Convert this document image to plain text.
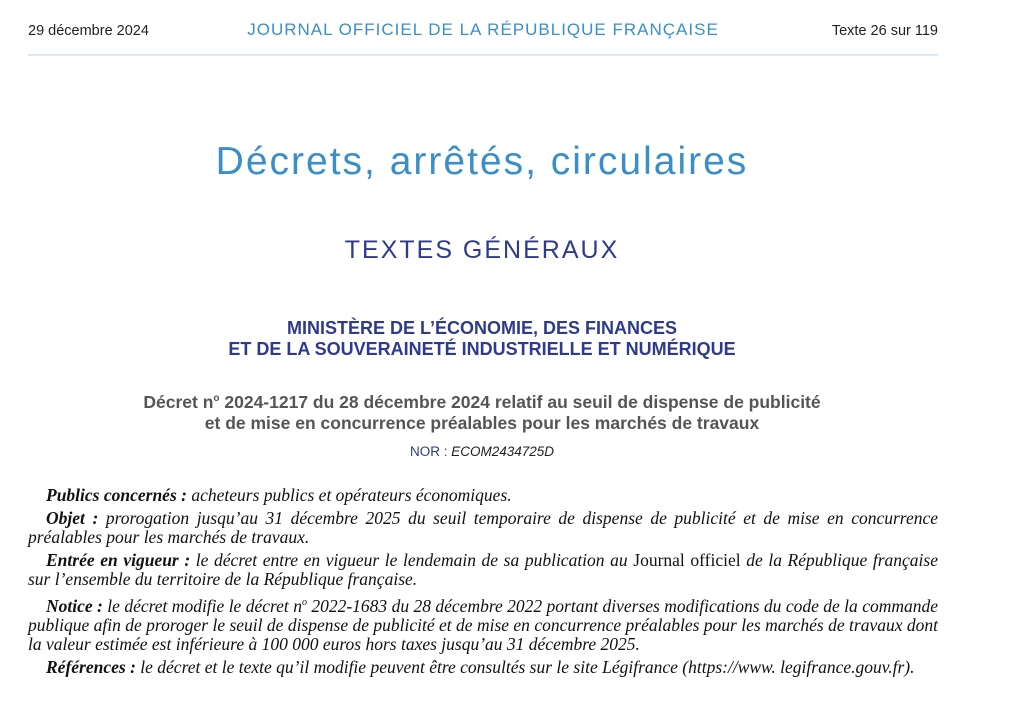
29 décembre 2024	JOURNAL OFFICIEL DE LA RÉPUBLIQUE FRANÇAISE	Texte 26 sur 119
Décrets, arrêtés, circulaires
TEXTES GÉNÉRAUX
MINISTÈRE DE L’ÉCONOMIE, DES FINANCES
ET DE LA SOUVERAINETÉ INDUSTRIELLE ET NUMÉRIQUE
Décret $n^o$ 2024-1217 du 28 décembre 2024 relatif au seuil de dispense de publicité
et de mise en concurrence préalables pour les marchés de travaux
NOR : ECOM2434725D

Publics concernés : acheteurs publics et opérateurs économiques.

Objet : prorogation jusqu’au 31 décembre 2025 du seuil temporaire de dispense de publicité et de mise en concurrence préalables pour les marchés de travaux.

Entrée en vigueur : le décret entre en vigueur le lendemain de sa publication au Journal officiel de la République française sur l’ensemble du territoire de la République française.

Notice : le décret modifie le décret $n^o$ 2022-1683 du 28 décembre 2022 portant diverses modifications du code de la commande publique afin de proroger le seuil de dispense de publicité et de mise en concurrence préalables pour les marchés de travaux dont la valeur estimée est inférieure à 100 000 euros hors taxes jusqu’au 31 décembre 2025.

Références : le décret et le texte qu’il modifie peuvent être consultés sur le site Légifrance (https://www. legifrance.gouv.fr).
